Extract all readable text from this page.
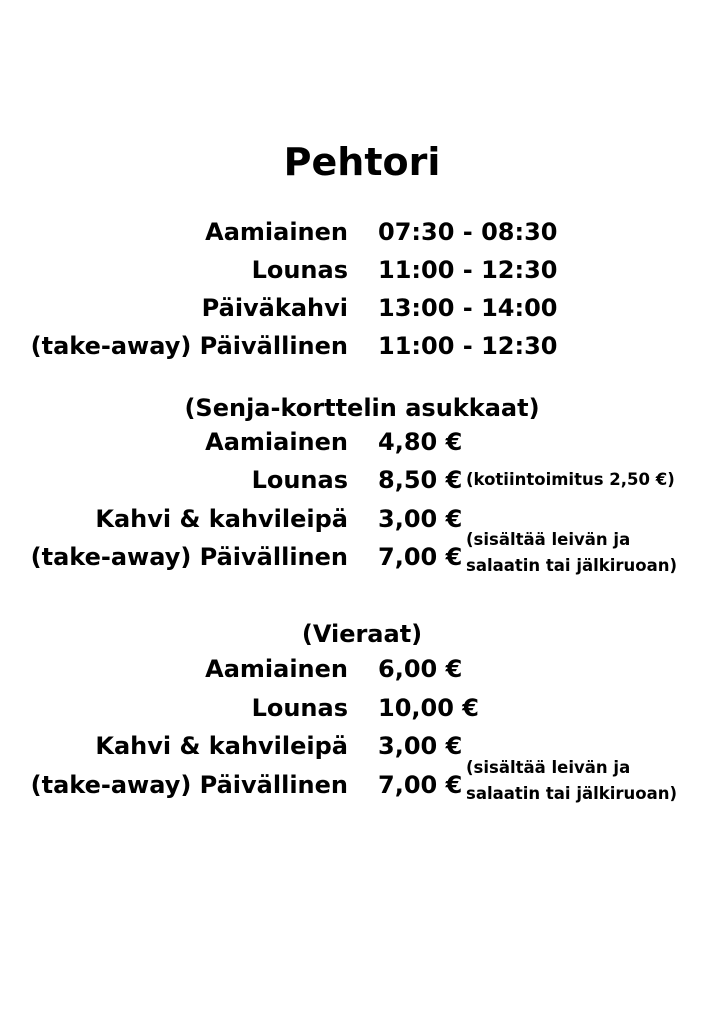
Pehtori
Aamiainen 07:30 - 08:30
Lounas 11:00 - 12:30
Päiväkahvi 13:00 - 14:00
(take-away) Päivällinen 11:00 - 12:30
(Senja-korttelin asukkaat)
Aamiainen 4,80 €
Lounas 8,50 € (kotiintoimitus 2,50 €)
Kahvi & kahvileipä 3,00 €
(take-away) Päivällinen 7,00 €
(sisältää leivän ja
salaatin tai jälkiruoan)
(Vieraat)
Aamiainen 6,00 €
Lounas 10,00 €
Kahvi & kahvileipä 3,00 €
(take-away) Päivällinen 7,00 €
(sisältää leivän ja
salaatin tai jälkiruoan)
